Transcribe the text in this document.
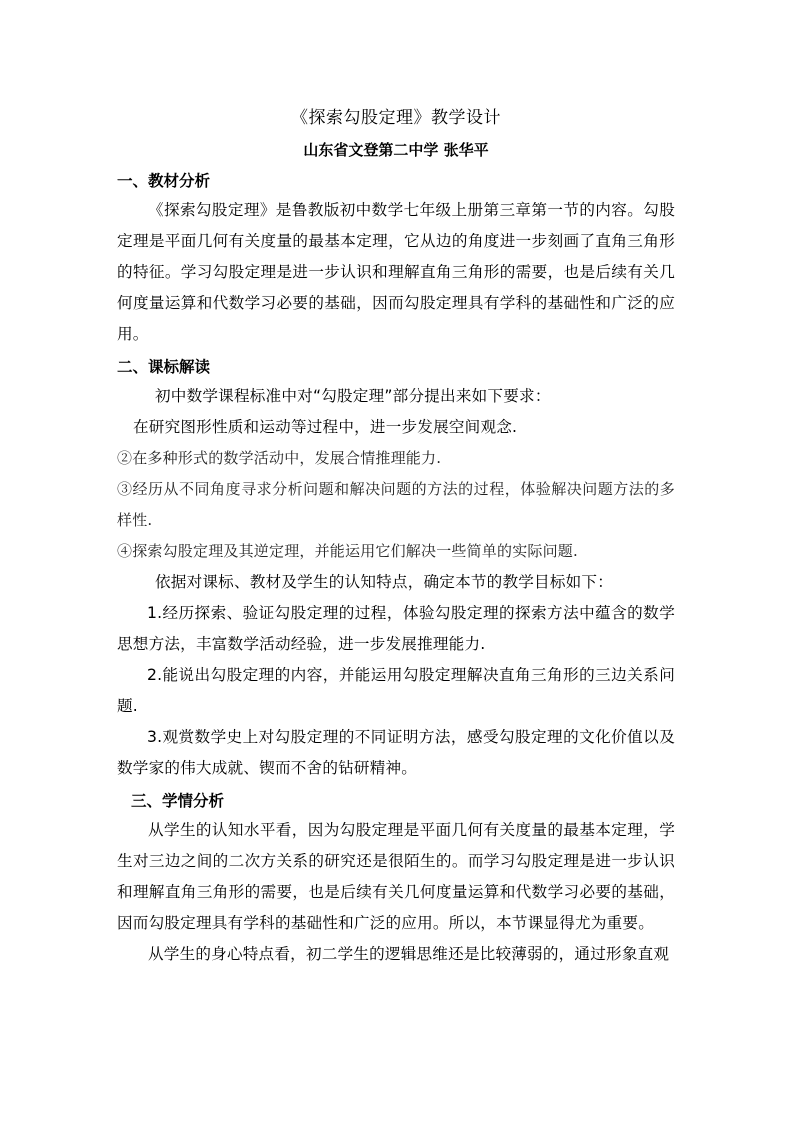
《探索勾股定理》教学设计
山东省文登第二中学 张华平
一、教材分析

《探索勾股定理》是鲁教版初中数学七年级上册第三章第一节的内容。勾股定理是平面几何有关度量的最基本定理，它从边的角度进一步刻画了直角三角形的特征。学习勾股定理是进一步认识和理解直角三角形的需要，也是后续有关几何度量运算和代数学习必要的基础，因而勾股定理具有学科的基础性和广泛的应用。

二、课标解读

初中数学课程标准中对“勾股定理”部分提出来如下要求：

在研究图形性质和运动等过程中，进一步发展空间观念.

②在多种形式的数学活动中，发展合情推理能力.

③经历从不同角度寻求分析问题和解决问题的方法的过程，体验解决问题方法的多样性.

④探索勾股定理及其逆定理，并能运用它们解决一些简单的实际问题.

依据对课标、教材及学生的认知特点，确定本节的教学目标如下：

1.经历探索、验证勾股定理的过程，体验勾股定理的探索方法中蕴含的数学思想方法，丰富数学活动经验，进一步发展推理能力.

2.能说出勾股定理的内容，并能运用勾股定理解决直角三角形的三边关系问题.

3.观赏数学史上对勾股定理的不同证明方法，感受勾股定理的文化价值以及数学家的伟大成就、锲而不舍的钻研精神。

三、学情分析

从学生的认知水平看，因为勾股定理是平面几何有关度量的最基本定理，学生对三边之间的二次方关系的研究还是很陌生的。而学习勾股定理是进一步认识和理解直角三角形的需要，也是后续有关几何度量运算和代数学习必要的基础，因而勾股定理具有学科的基础性和广泛的应用。所以，本节课显得尤为重要。

从学生的身心特点看，初二学生的逻辑思维还是比较薄弱的，通过形象直观
